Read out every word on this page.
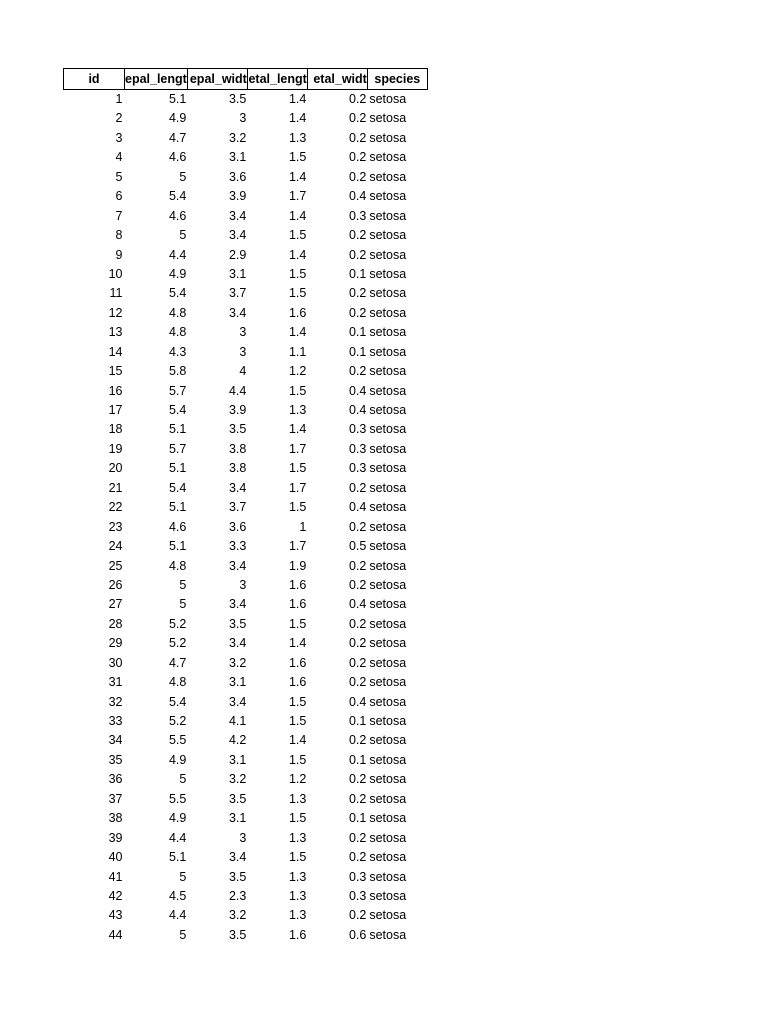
id	epal_lengt	epal_widt	etal_lengt	etal_widt	species
1	5.1	3.5	1.4	0.2	setosa
2	4.9	3	1.4	0.2	setosa
3	4.7	3.2	1.3	0.2	setosa
4	4.6	3.1	1.5	0.2	setosa
5	5	3.6	1.4	0.2	setosa
6	5.4	3.9	1.7	0.4	setosa
7	4.6	3.4	1.4	0.3	setosa
8	5	3.4	1.5	0.2	setosa
9	4.4	2.9	1.4	0.2	setosa
10	4.9	3.1	1.5	0.1	setosa
11	5.4	3.7	1.5	0.2	setosa
12	4.8	3.4	1.6	0.2	setosa
13	4.8	3	1.4	0.1	setosa
14	4.3	3	1.1	0.1	setosa
15	5.8	4	1.2	0.2	setosa
16	5.7	4.4	1.5	0.4	setosa
17	5.4	3.9	1.3	0.4	setosa
18	5.1	3.5	1.4	0.3	setosa
19	5.7	3.8	1.7	0.3	setosa
20	5.1	3.8	1.5	0.3	setosa
21	5.4	3.4	1.7	0.2	setosa
22	5.1	3.7	1.5	0.4	setosa
23	4.6	3.6	1	0.2	setosa
24	5.1	3.3	1.7	0.5	setosa
25	4.8	3.4	1.9	0.2	setosa
26	5	3	1.6	0.2	setosa
27	5	3.4	1.6	0.4	setosa
28	5.2	3.5	1.5	0.2	setosa
29	5.2	3.4	1.4	0.2	setosa
30	4.7	3.2	1.6	0.2	setosa
31	4.8	3.1	1.6	0.2	setosa
32	5.4	3.4	1.5	0.4	setosa
33	5.2	4.1	1.5	0.1	setosa
34	5.5	4.2	1.4	0.2	setosa
35	4.9	3.1	1.5	0.1	setosa
36	5	3.2	1.2	0.2	setosa
37	5.5	3.5	1.3	0.2	setosa
38	4.9	3.1	1.5	0.1	setosa
39	4.4	3	1.3	0.2	setosa
40	5.1	3.4	1.5	0.2	setosa
41	5	3.5	1.3	0.3	setosa
42	4.5	2.3	1.3	0.3	setosa
43	4.4	3.2	1.3	0.2	setosa
44	5	3.5	1.6	0.6	setosa
